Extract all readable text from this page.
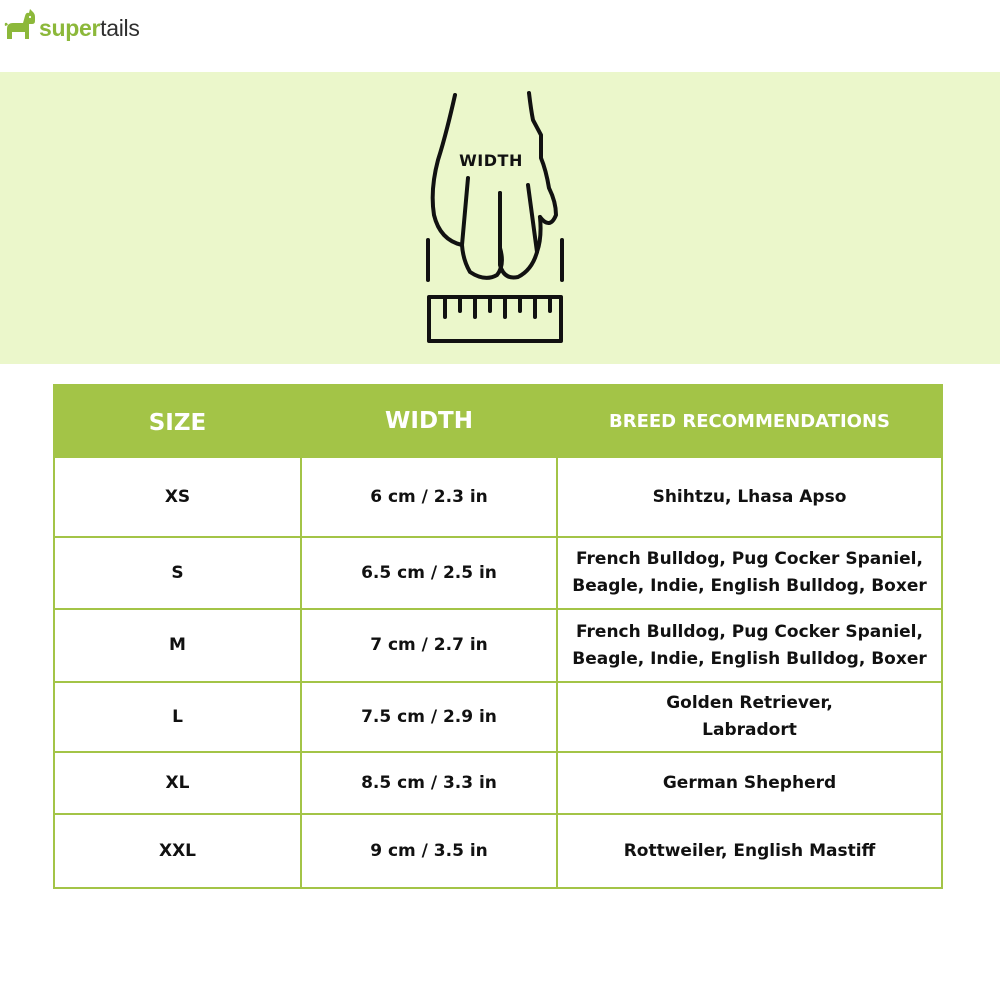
supertails
WIDTH
SIZE	WIDTH	BREED RECOMMENDATIONS
XS	6 cm / 2.3 in	Shihtzu, Lhasa Apso
S	6.5 cm / 2.5 in	French Bulldog, Pug Cocker Spaniel, Beagle, Indie, English Bulldog, Boxer
M	7 cm / 2.7 in	French Bulldog, Pug Cocker Spaniel, Beagle, Indie, English Bulldog, Boxer
L	7.5 cm / 2.9 in	Golden Retriever, Labradort
XL	8.5 cm / 3.3 in	German Shepherd
XXL	9 cm / 3.5 in	Rottweiler, English Mastiff
